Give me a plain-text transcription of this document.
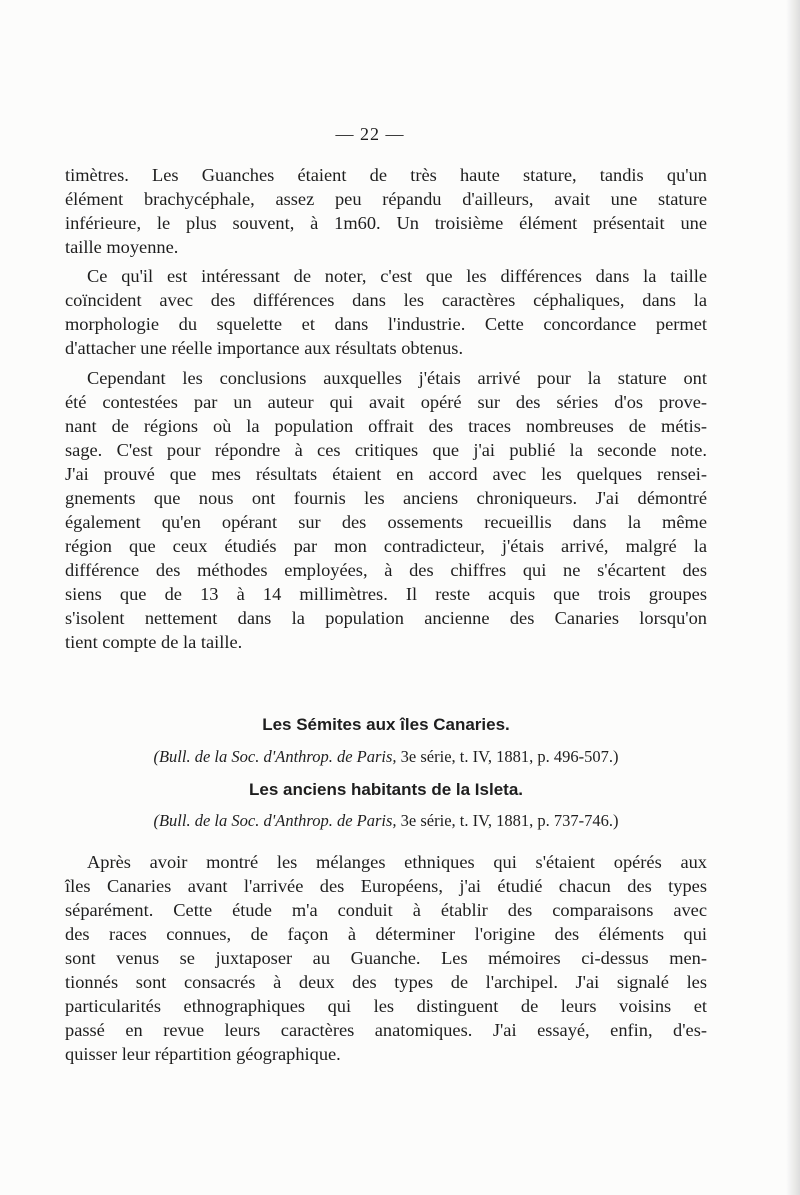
— 22 —
timètres. Les Guanches étaient de très haute stature, tandis qu'un
élément brachycéphale, assez peu répandu d'ailleurs, avait une stature
inférieure, le plus souvent, à 1m60. Un troisième élément présentait une
taille moyenne.
Ce qu'il est intéressant de noter, c'est que les différences dans la taille
coïncident avec des différences dans les caractères céphaliques, dans la
morphologie du squelette et dans l'industrie. Cette concordance permet
d'attacher une réelle importance aux résultats obtenus.
Cependant les conclusions auxquelles j'étais arrivé pour la stature ont
été contestées par un auteur qui avait opéré sur des séries d'os prove-
nant de régions où la population offrait des traces nombreuses de métis-
sage. C'est pour répondre à ces critiques que j'ai publié la seconde note.
J'ai prouvé que mes résultats étaient en accord avec les quelques rensei-
gnements que nous ont fournis les anciens chroniqueurs. J'ai démontré
également qu'en opérant sur des ossements recueillis dans la même
région que ceux étudiés par mon contradicteur, j'étais arrivé, malgré la
différence des méthodes employées, à des chiffres qui ne s'écartent des
siens que de 13 à 14 millimètres. Il reste acquis que trois groupes
s'isolent nettement dans la population ancienne des Canaries lorsqu'on
tient compte de la taille.
Les Sémites aux îles Canaries.
(Bull. de la Soc. d'Anthrop. de Paris, 3e série, t. IV, 1881, p. 496-507.)
Les anciens habitants de la Isleta.
(Bull. de la Soc. d'Anthrop. de Paris, 3e série, t. IV, 1881, p. 737-746.)
Après avoir montré les mélanges ethniques qui s'étaient opérés aux
îles Canaries avant l'arrivée des Européens, j'ai étudié chacun des types
séparément. Cette étude m'a conduit à établir des comparaisons avec
des races connues, de façon à déterminer l'origine des éléments qui
sont venus se juxtaposer au Guanche. Les mémoires ci-dessus men-
tionnés sont consacrés à deux des types de l'archipel. J'ai signalé les
particularités ethnographiques qui les distinguent de leurs voisins et
passé en revue leurs caractères anatomiques. J'ai essayé, enfin, d'es-
quisser leur répartition géographique.
